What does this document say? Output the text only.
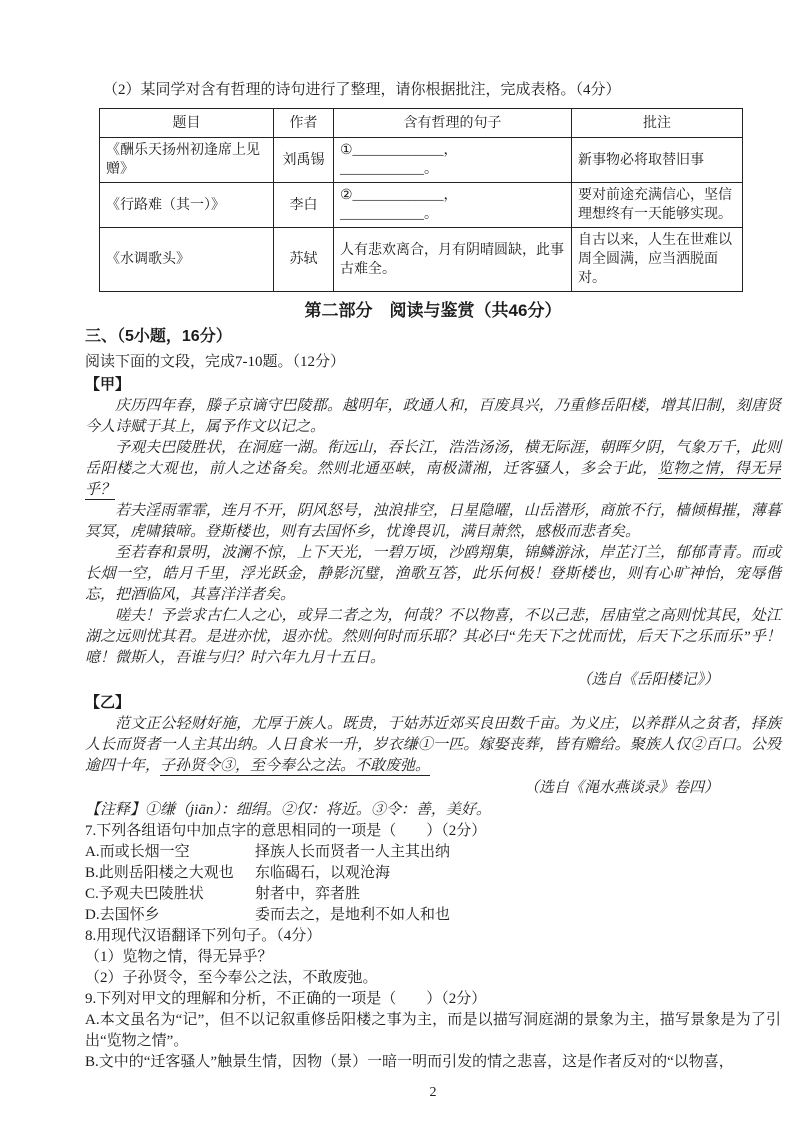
（2）某同学对含有哲理的诗句进行了整理，请你根据批注，完成表格。（4分）

题目	作者	含有哲理的句子	批注
《酬乐天扬州初逢席上见赠》	刘禹锡	①_____________，
____________。	新事物必将取替旧事
《行路难（其一）》	李白	②_____________，
____________。	要对前途充满信心，坚信理想终有一天能够实现。
《水调歌头》	苏轼	人有悲欢离合，月有阴晴圆缺，此事古难全。	自古以来，人生在世难以周全圆满，应当洒脱面对。
第二部分　阅读与鉴赏（共46分）
三、（5小题，16分）

阅读下面的文段，完成7-10题。（12分）

【甲】

庆历四年春，滕子京谪守巴陵郡。越明年，政通人和，百废具兴，乃重修岳阳楼，增其旧制，刻唐贤今人诗赋于其上，属予作文以记之。

予观夫巴陵胜状，在洞庭一湖。衔远山，吞长江，浩浩汤汤，横无际涯，朝晖夕阴，气象万千，此则岳阳楼之大观也，前人之述备矣。然则北通巫峡，南极潇湘，迁客骚人，多会于此，览物之情，得无异乎？

若夫淫雨霏霏，连月不开，阴风怒号，浊浪排空，日星隐曜，山岳潜形，商旅不行，樯倾楫摧，薄暮冥冥，虎啸猿啼。登斯楼也，则有去国怀乡，忧谗畏讥，满目萧然，感极而悲者矣。

至若春和景明，波澜不惊，上下天光，一碧万顷，沙鸥翔集，锦鳞游泳，岸芷汀兰，郁郁青青。而或长烟一空，皓月千里，浮光跃金，静影沉璧，渔歌互答，此乐何极！登斯楼也，则有心旷神怡，宠辱偕忘，把酒临风，其喜洋洋者矣。

嗟夫！予尝求古仁人之心，或异二者之为，何哉？不以物喜，不以己悲，居庙堂之高则忧其民，处江湖之远则忧其君。是进亦忧，退亦忧。然则何时而乐耶？其必曰“先天下之忧而忧，后天下之乐而乐”乎！噫！微斯人，吾谁与归？时六年九月十五日。

（选自《岳阳楼记》）

【乙】

范文正公轻财好施，尤厚于族人。既贵，于姑苏近郊买良田数千亩。为义庄，以养群从之贫者，择族人长而贤者一人主其出纳。人日食米一升，岁衣缣①一匹。嫁娶丧葬，皆有赡给。聚族人仅②百口。公殁逾四十年，子孙贤令③，至今奉公之法。不敢废弛。

（选自《渑水燕谈录》卷四）

【注释】①缣（jiān）：细绢。②仅：将近。③令：善，美好。

7.下列各组语句中加点字的意思相同的一项是（　　）（2分）

A.而或长烟一空	择族人长而贤者一人主其出纳
B.此则岳阳楼之大观也	东临碣石，以观沧海
C.予观夫巴陵胜状	射者中，弈者胜
D.去国怀乡	委而去之，是地利不如人和也

8.用现代汉语翻译下列句子。（4分）

（1）览物之情，得无异乎？

（2）子孙贤令，至今奉公之法，不敢废弛。

9.下列对甲文的理解和分析，不正确的一项是（　　）（2分）

A.本文虽名为“记”，但不以记叙重修岳阳楼之事为主，而是以描写洞庭湖的景象为主，描写景象是为了引出“览物之情”。

B.文中的“迁客骚人”触景生情，因物（景）一暗一明而引发的情之悲喜，这是作者反对的“以物喜，

2
